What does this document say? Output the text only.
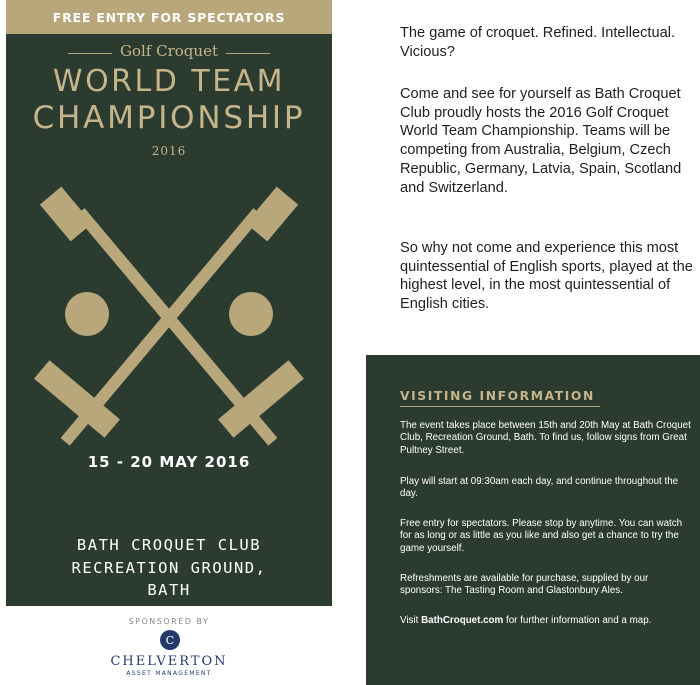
FREE ENTRY FOR SPECTATORS
Golf Croquet
WORLD TEAM
CHAMPIONSHIP
2016
15 - 20 MAY 2016
BATH CROQUET CLUB
RECREATION GROUND,
BATH
SPONSORED BY
C
CHELVERTON
ASSET MANAGEMENT

The game of croquet. Refined. Intellectual. Vicious?

Come and see for yourself as Bath Croquet Club proudly hosts the 2016 Golf Croquet World Team Championship. Teams will be competing from Australia, Belgium, Czech Republic, Germany, Latvia, Spain, Scotland and Switzerland.

So why not come and experience this most quintessential of English sports, played at the highest level, in the most quintessential of English cities.

VISITING INFORMATION

The event takes place between 15th and 20th May at Bath Croquet Club, Recreation Ground, Bath. To find us, follow signs from Great Pultney Street.

Play will start at 09:30am each day, and continue throughout the day.

Free entry for spectators. Please stop by anytime. You can watch for as long or as little as you like and also get a chance to try the game yourself.

Refreshments are available for purchase, supplied by our sponsors: The Tasting Room and Glastonbury Ales.

Visit BathCroquet.com for further information and a map.
